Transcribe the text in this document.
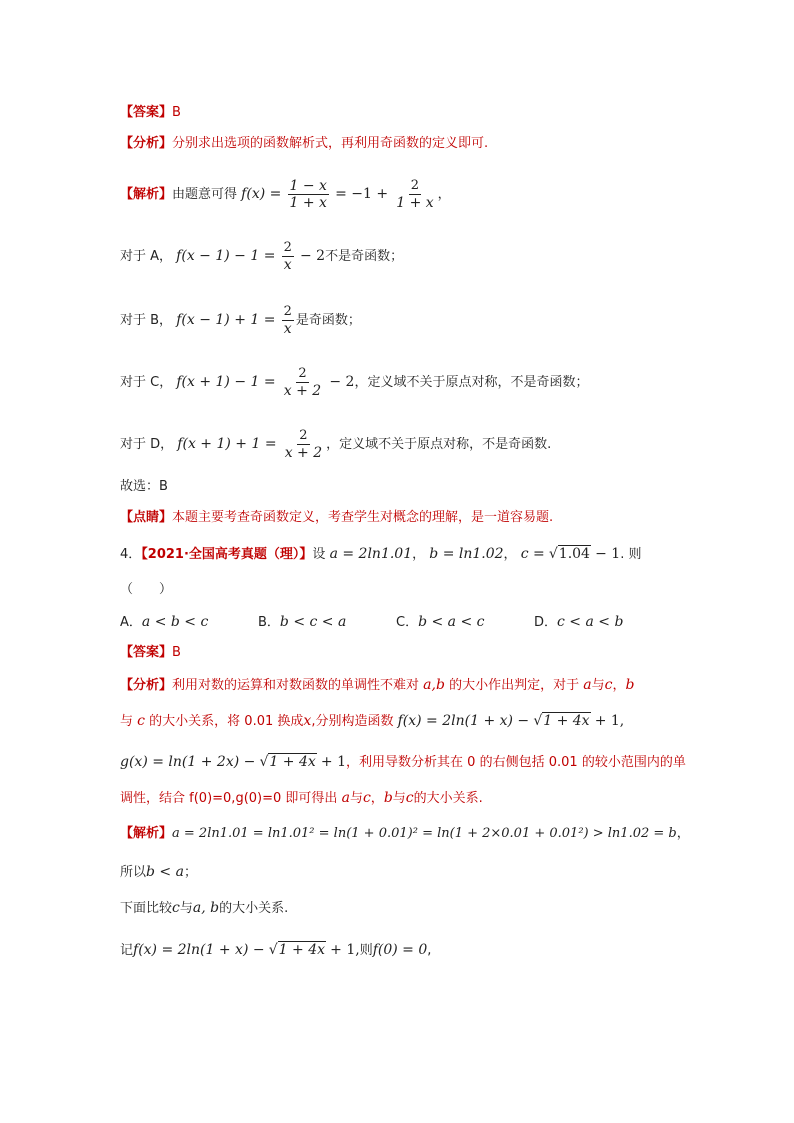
【答案】B
【分析】分别求出选项的函数解析式，再利用奇函数的定义即可.
【解析】由题意可得 $f(x) = \frac{1 - x}{1 + x} = -1 + \frac{2}{1 + x}$ ，
对于 A， $f(x - 1) - 1 = \frac{2}{x} - 2$不是奇函数；
对于 B， $f(x - 1) + 1 = \frac{2}{x}$ 是奇函数；
对于 C， $f(x + 1) - 1 = \frac{2}{x + 2} - 2$，定义域不关于原点对称，不是奇函数；
对于 D， $f(x + 1) + 1 = \frac{2}{x + 2}$ ，定义域不关于原点对称，不是奇函数.
故选：B
【点睛】本题主要考查奇函数定义，考查学生对概念的理解，是一道容易题.
4．【2021·全国高考真题（理）】设 a = 2ln1.01， b = ln1.02， c = √1.04 − 1. 则
（　　）
A．a < b < c	B．b < c < a	C．b < a < c	D．c < a < b
【答案】B
【分析】利用对数的运算和对数函数的单调性不难对 a,b 的大小作出判定，对于 a与c，b
与 c 的大小关系，将 0.01 换成x,分别构造函数 f(x) = 2ln(1 + x) − √1 + 4x + 1,
g(x) = ln(1 + 2x) − √1 + 4x + 1，利用导数分析其在 0 的右侧包括 0.01 的较小范围内的单
调性，结合 f(0)=0,g(0)=0 即可得出 a与c，b与c的大小关系.
【解析】a = 2ln1.01 = ln1.01² = ln(1 + 0.01)² = ln(1 + 2×0.01 + 0.01²) > ln1.02 = b，
所以b < a；
下面比较c与a, b的大小关系.
记f(x) = 2ln(1 + x) − √1 + 4x + 1,则f(0) = 0,
